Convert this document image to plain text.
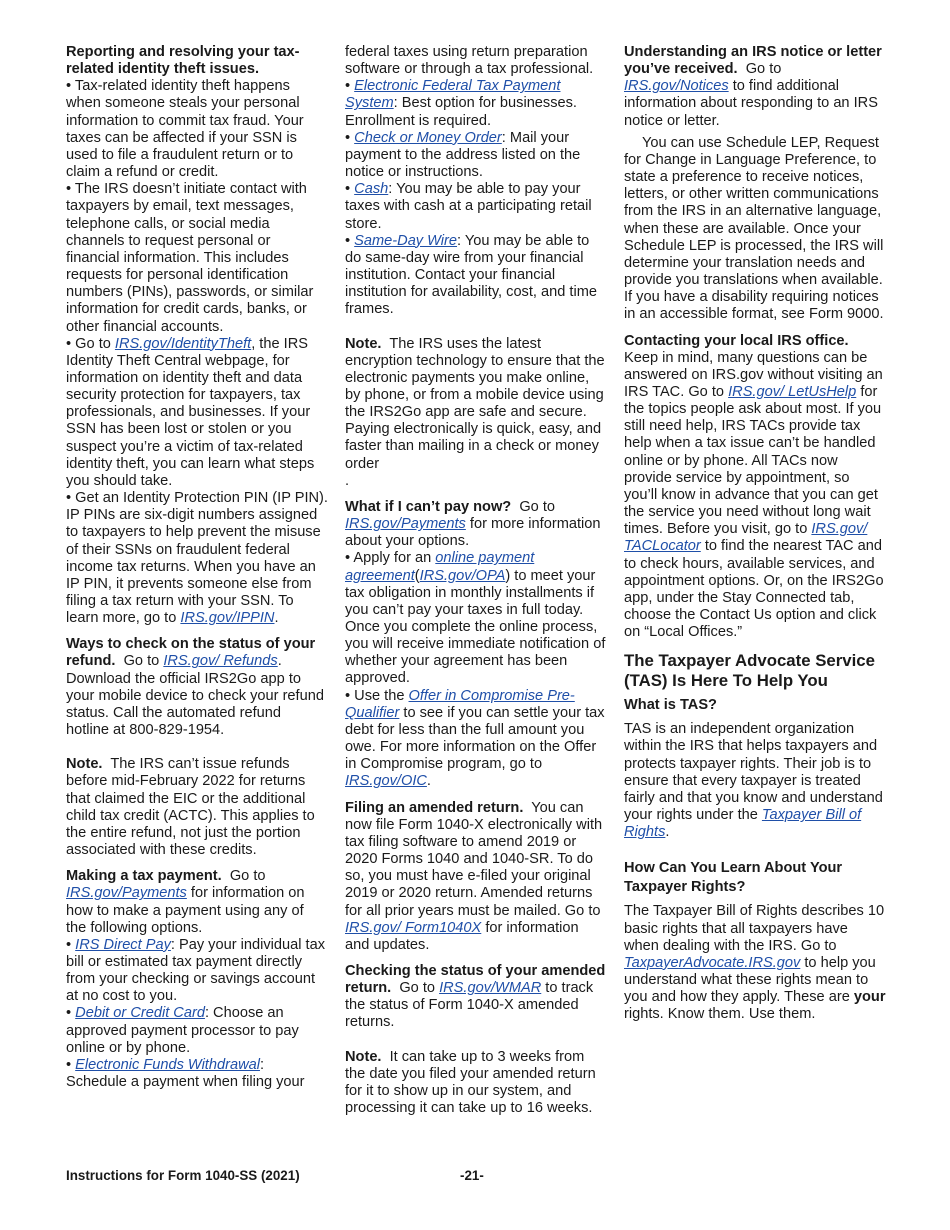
Reporting and resolving your tax-related identity theft issues.

• Tax-related identity theft happens when someone steals your personal information to commit tax fraud. Your taxes can be affected if your SSN is used to file a fraudulent return or to claim a refund or credit.

• The IRS doesn’t initiate contact with taxpayers by email, text messages, telephone calls, or social media channels to request personal or financial information. This includes requests for personal identification numbers (PINs), passwords, or similar information for credit cards, banks, or other financial accounts.

• Go to IRS.gov/IdentityTheft, the IRS Identity Theft Central webpage, for information on identity theft and data security protection for taxpayers, tax professionals, and businesses. If your SSN has been lost or stolen or you suspect you’re a victim of tax-related identity theft, you can learn what steps you should take.

• Get an Identity Protection PIN (IP PIN). IP PINs are six-digit numbers assigned to taxpayers to help prevent the misuse of their SSNs on fraudulent federal income tax returns. When you have an IP PIN, it prevents someone else from filing a tax return with your SSN. To learn more, go to IRS.gov/IPPIN.

Ways to check on the status of your refund. Go to IRS.gov/ Refunds. Download the official IRS2Go app to your mobile device to check your refund status. Call the automated refund hotline at 800-829-1954.

Note. The IRS can’t issue refunds before mid-February 2022 for returns that claimed the EIC or the additional child tax credit (ACTC). This applies to the entire refund, not just the portion associated with these credits.

Making a tax payment. Go to IRS.gov/Payments for information on how to make a payment using any of the following options.

• IRS Direct Pay: Pay your individual tax bill or estimated tax payment directly from your checking or savings account at no cost to you.

• Debit or Credit Card: Choose an approved payment processor to pay online or by phone.

• Electronic Funds Withdrawal: Schedule a payment when filing your

federal taxes using return preparation software or through a tax professional.

• Electronic Federal Tax Payment System: Best option for businesses. Enrollment is required.

• Check or Money Order: Mail your payment to the address listed on the notice or instructions.

• Cash: You may be able to pay your taxes with cash at a participating retail store.

• Same-Day Wire: You may be able to do same-day wire from your financial institution. Contact your financial institution for availability, cost, and time frames.

Note. The IRS uses the latest encryption technology to ensure that the electronic payments you make online, by phone, or from a mobile device using the IRS2Go app are safe and secure. Paying electronically is quick, easy, and faster than mailing in a check or money order

.

What if I can’t pay now? Go to IRS.gov/Payments for more information about your options.

• Apply for an online payment agreement(IRS.gov/OPA) to meet your tax obligation in monthly installments if you can’t pay your taxes in full today. Once you complete the online process, you will receive immediate notification of whether your agreement has been approved.

• Use the Offer in Compromise Pre-Qualifier to see if you can settle your tax debt for less than the full amount you owe. For more information on the Offer in Compromise program, go to IRS.gov/OIC.

Filing an amended return. You can now file Form 1040-X electronically with tax filing software to amend 2019 or 2020 Forms 1040 and 1040-SR. To do so, you must have e-filed your original 2019 or 2020 return. Amended returns for all prior years must be mailed. Go to IRS.gov/ Form1040X for information and updates.

Checking the status of your amended return. Go to IRS.gov/WMAR to track the status of Form 1040-X amended returns.

Note. It can take up to 3 weeks from the date you filed your amended return for it to show up in our system, and processing it can take up to 16 weeks.

Understanding an IRS notice or letter you’ve received. Go to IRS.gov/Notices to find additional information about responding to an IRS notice or letter.

You can use Schedule LEP, Request for Change in Language Preference, to state a preference to receive notices, letters, or other written communications from the IRS in an alternative language, when these are available. Once your Schedule LEP is processed, the IRS will determine your translation needs and provide you translations when available. If you have a disability requiring notices in an accessible format, see Form 9000.

Contacting your local IRS office.  Keep in mind, many questions can be answered on IRS.gov without visiting an IRS TAC. Go to IRS.gov/ LetUsHelp for the topics people ask about most. If you still need help, IRS TACs provide tax help when a tax issue can’t be handled online or by phone. All TACs now provide service by appointment, so you’ll know in advance that you can get the service you need without long wait times. Before you visit, go to IRS.gov/ TACLocator to find the nearest TAC and to check hours, available services, and appointment options. Or, on the IRS2Go app, under the Stay Connected tab, choose the Contact Us option and click on “Local Offices.”

The Taxpayer Advocate Service (TAS) Is Here To Help You
What is TAS?

TAS is an independent organization within the IRS that helps taxpayers and protects taxpayer rights. Their job is to ensure that every taxpayer is treated fairly and that you know and understand your rights under the Taxpayer Bill of Rights.

How Can You Learn About Your Taxpayer Rights?

The Taxpayer Bill of Rights describes 10 basic rights that all taxpayers have when dealing with the IRS. Go to TaxpayerAdvocate.IRS.gov to help you understand what these rights mean to you and how they apply. These are your rights. Know them. Use them.

Instructions for Form 1040-SS (2021)	-21-
